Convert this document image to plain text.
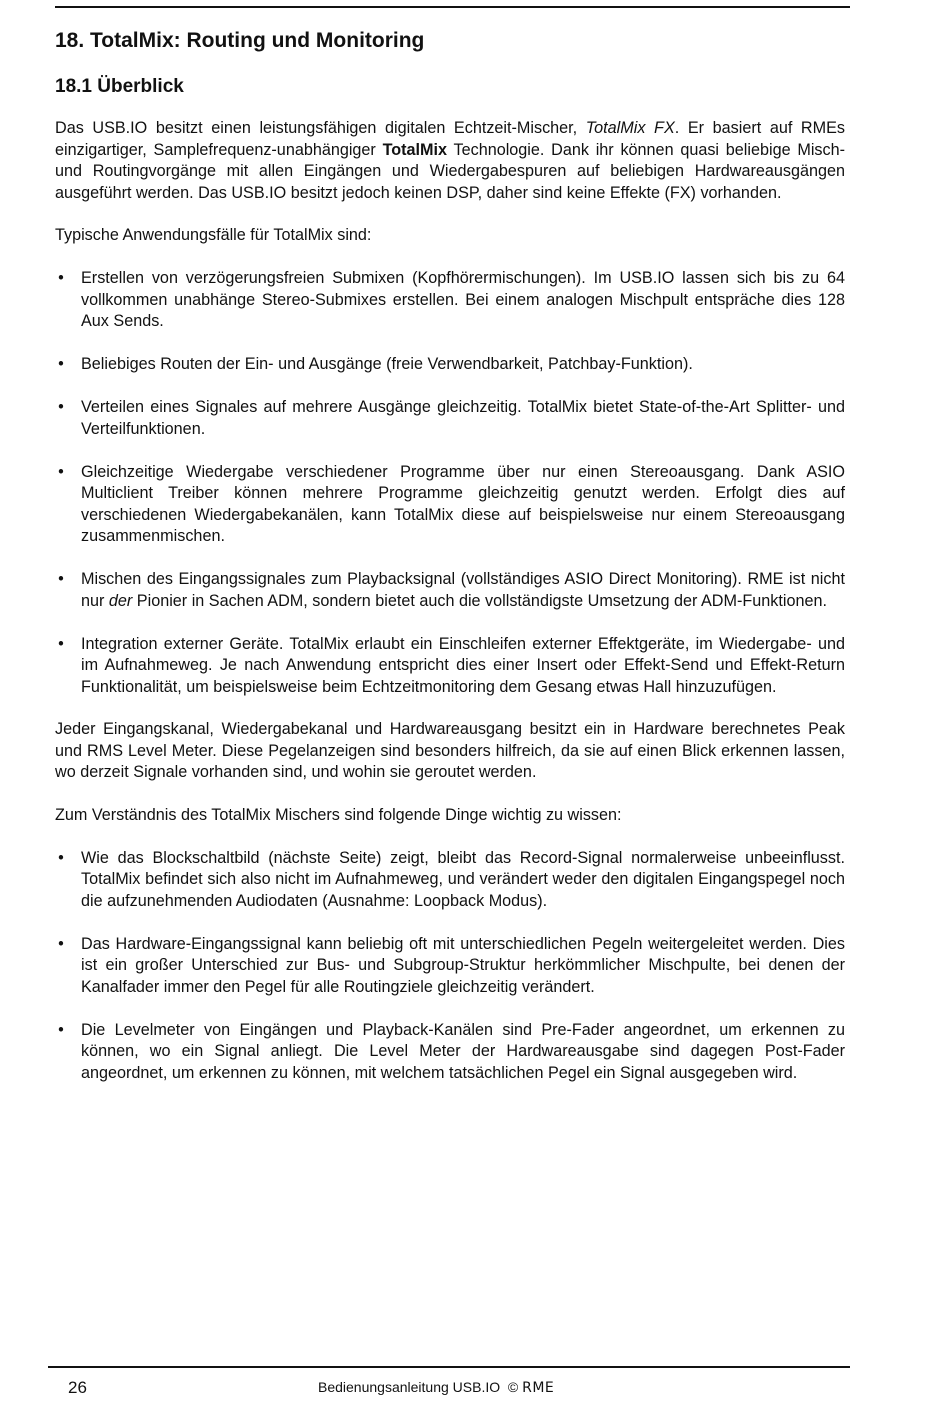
18. TotalMix: Routing und Monitoring
18.1 Überblick

Das USB.IO besitzt einen leistungsfähigen digitalen Echtzeit-Mischer, TotalMix FX. Er basiert auf RMEs einzigartiger, Samplefrequenz-unabhängiger TotalMix Technologie. Dank ihr können quasi beliebige Misch- und Routingvorgänge mit allen Eingängen und Wiedergabespuren auf beliebigen Hardwareausgängen ausgeführt werden. Das USB.IO besitzt jedoch keinen DSP, daher sind keine Effekte (FX) vorhanden.

Typische Anwendungsfälle für TotalMix sind:

• Erstellen von verzögerungsfreien Submixen (Kopfhörermischungen). Im USB.IO lassen sich bis zu 64 vollkommen unabhänge Stereo-Submixes erstellen. Bei einem analogen Mischpult entspräche dies 128 Aux Sends.
• Beliebiges Routen der Ein- und Ausgänge (freie Verwendbarkeit, Patchbay-Funktion).
• Verteilen eines Signales auf mehrere Ausgänge gleichzeitig. TotalMix bietet State-of-the-Art Splitter- und Verteilfunktionen.
• Gleichzeitige Wiedergabe verschiedener Programme über nur einen Stereoausgang. Dank ASIO Multiclient Treiber können mehrere Programme gleichzeitig genutzt werden. Erfolgt dies auf verschiedenen Wiedergabekanälen, kann TotalMix diese auf beispielsweise nur einem Stereoausgang zusammenmischen.
• Mischen des Eingangssignales zum Playbacksignal (vollständiges ASIO Direct Monitoring). RME ist nicht nur der Pionier in Sachen ADM, sondern bietet auch die vollständigste Umsetzung der ADM-Funktionen.
• Integration externer Geräte. TotalMix erlaubt ein Einschleifen externer Effektgeräte, im Wiedergabe- und im Aufnahmeweg. Je nach Anwendung entspricht dies einer Insert oder Effekt-Send und Effekt-Return Funktionalität, um beispielsweise beim Echtzeitmonitoring dem Gesang etwas Hall hinzuzufügen.

Jeder Eingangskanal, Wiedergabekanal und Hardwareausgang besitzt ein in Hardware berechnetes Peak und RMS Level Meter. Diese Pegelanzeigen sind besonders hilfreich, da sie auf einen Blick erkennen lassen, wo derzeit Signale vorhanden sind, und wohin sie geroutet werden.

Zum Verständnis des TotalMix Mischers sind folgende Dinge wichtig zu wissen:

• Wie das Blockschaltbild (nächste Seite) zeigt, bleibt das Record-Signal normalerweise unbeeinflusst. TotalMix befindet sich also nicht im Aufnahmeweg, und verändert weder den digitalen Eingangspegel noch die aufzunehmenden Audiodaten (Ausnahme: Loopback Modus).
• Das Hardware-Eingangssignal kann beliebig oft mit unterschiedlichen Pegeln weitergeleitet werden. Dies ist ein großer Unterschied zur Bus- und Subgroup-Struktur herkömmlicher Mischpulte, bei denen der Kanalfader immer den Pegel für alle Routingziele gleichzeitig verändert.
• Die Levelmeter von Eingängen und Playback-Kanälen sind Pre-Fader angeordnet, um erkennen zu können, wo ein Signal anliegt. Die Level Meter der Hardwareausgabe sind dagegen Post-Fader angeordnet, um erkennen zu können, mit welchem tatsächlichen Pegel ein Signal ausgegeben wird.
26	Bedienungsanleitung USB.IO © RME
